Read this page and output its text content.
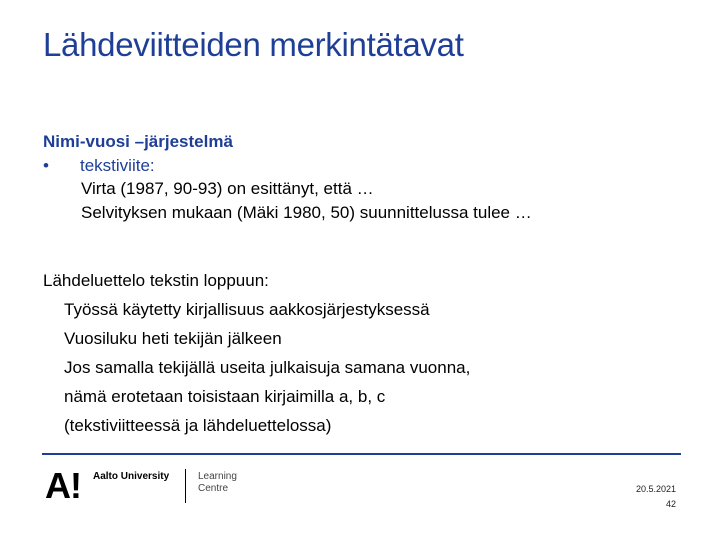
Lähdeviitteiden merkintätavat
Nimi-vuosi –järjestelmä
• tekstiviite:
Virta (1987, 90-93) on esittänyt, että …
Selvityksen mukaan (Mäki 1980, 50) suunnittelussa tulee …
Lähdeluettelo tekstin loppuun:
Työssä käytetty kirjallisuus aakkosjärjestyksessä
Vuosiluku heti tekijän jälkeen
Jos samalla tekijällä useita julkaisuja samana vuonna,
nämä erotetaan toisistaan kirjaimilla a, b, c
(tekstiviitteessä ja lähdeluettelossa)
A! Aalto University	Learning
Centre	20.5.2021
42
